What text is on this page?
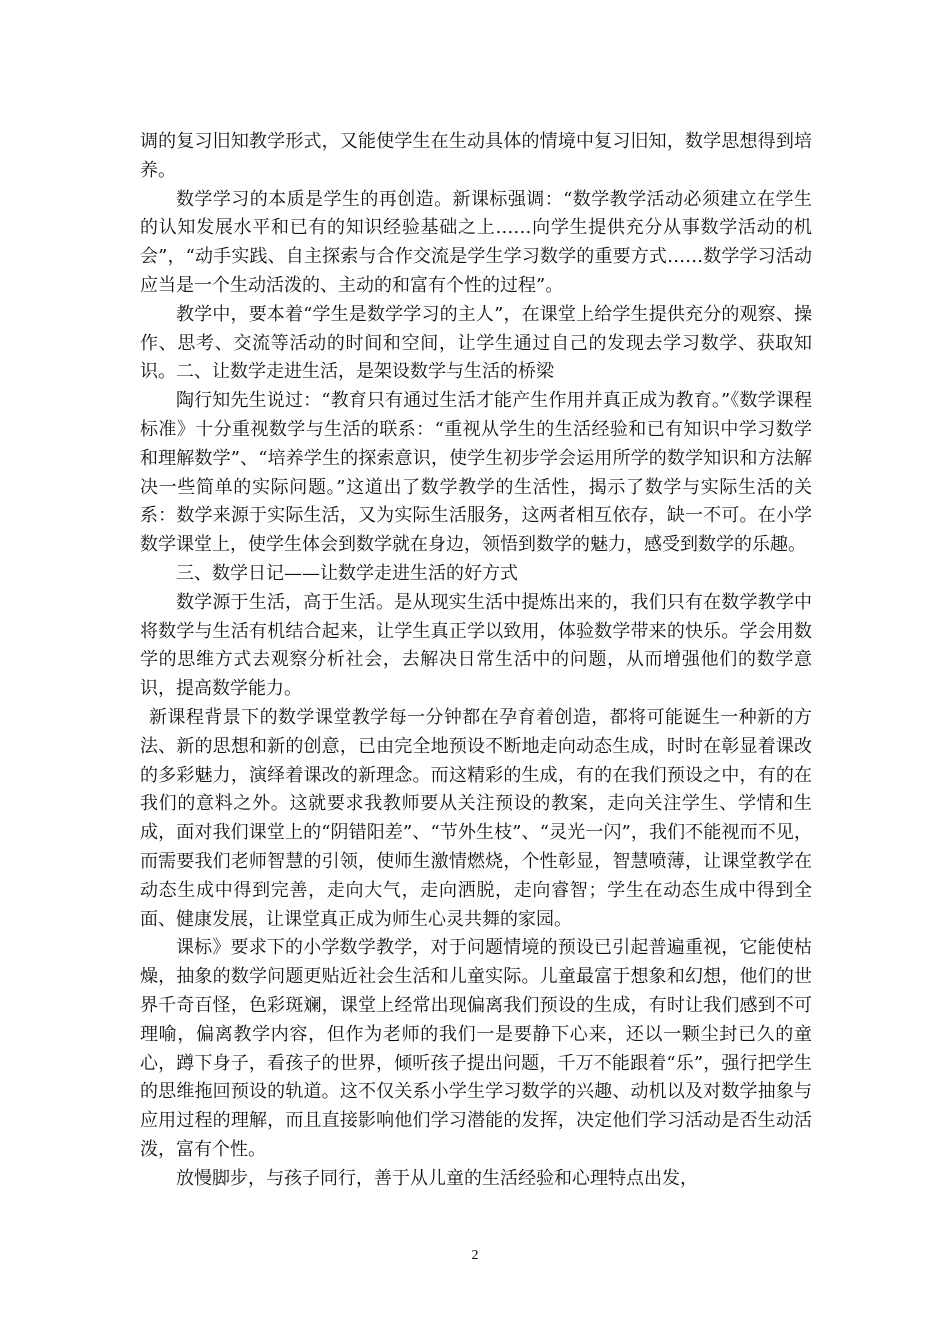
调的复习旧知教学形式，又能使学生在生动具体的情境中复习旧知，数学思想得到培养。

数学学习的本质是学生的再创造。新课标强调：“数学教学活动必须建立在学生的认知发展水平和已有的知识经验基础之上……向学生提供充分从事数学活动的机会”，“动手实践、自主探索与合作交流是学生学习数学的重要方式……数学学习活动应当是一个生动活泼的、主动的和富有个性的过程”。

教学中，要本着“学生是数学学习的主人”，在课堂上给学生提供充分的观察、操作、思考、交流等活动的时间和空间，让学生通过自己的发现去学习数学、获取知识。二、让数学走进生活，是架设数学与生活的桥梁

陶行知先生说过：“教育只有通过生活才能产生作用并真正成为教育。”《数学课程标准》十分重视数学与生活的联系：“重视从学生的生活经验和已有知识中学习数学和理解数学”、“培养学生的探索意识，使学生初步学会运用所学的数学知识和方法解决一些简单的实际问题。”这道出了数学教学的生活性，揭示了数学与实际生活的关系：数学来源于实际生活，又为实际生活服务，这两者相互依存，缺一不可。在小学数学课堂上，使学生体会到数学就在身边，领悟到数学的魅力，感受到数学的乐趣。

三、数学日记——让数学走进生活的好方式

数学源于生活，高于生活。是从现实生活中提炼出来的，我们只有在数学教学中将数学与生活有机结合起来，让学生真正学以致用，体验数学带来的快乐。学会用数学的思维方式去观察分析社会，去解决日常生活中的问题，从而增强他们的数学意识，提高数学能力。

新课程背景下的数学课堂教学每一分钟都在孕育着创造，都将可能诞生一种新的方法、新的思想和新的创意，已由完全地预设不断地走向动态生成，时时在彰显着课改的多彩魅力，演绎着课改的新理念。而这精彩的生成，有的在我们预设之中，有的在我们的意料之外。这就要求我教师要从关注预设的教案，走向关注学生、学情和生成，面对我们课堂上的“阴错阳差”、“节外生枝”、“灵光一闪”，我们不能视而不见，而需要我们老师智慧的引领，使师生激情燃烧，个性彰显，智慧喷薄，让课堂教学在动态生成中得到完善，走向大气，走向洒脱，走向睿智；学生在动态生成中得到全面、健康发展，让课堂真正成为师生心灵共舞的家园。

课标》要求下的小学数学教学，对于问题情境的预设已引起普遍重视，它能使枯燥，抽象的数学问题更贴近社会生活和儿童实际。儿童最富于想象和幻想，他们的世界千奇百怪，色彩斑斓，课堂上经常出现偏离我们预设的生成，有时让我们感到不可理喻，偏离教学内容，但作为老师的我们一是要静下心来，还以一颗尘封已久的童心，蹲下身子，看孩子的世界，倾听孩子提出问题，千万不能跟着“乐”，强行把学生的思维拖回预设的轨道。这不仅关系小学生学习数学的兴趣、动机以及对数学抽象与应用过程的理解，而且直接影响他们学习潜能的发挥，决定他们学习活动是否生动活泼，富有个性。

放慢脚步，与孩子同行，善于从儿童的生活经验和心理特点出发，

2
